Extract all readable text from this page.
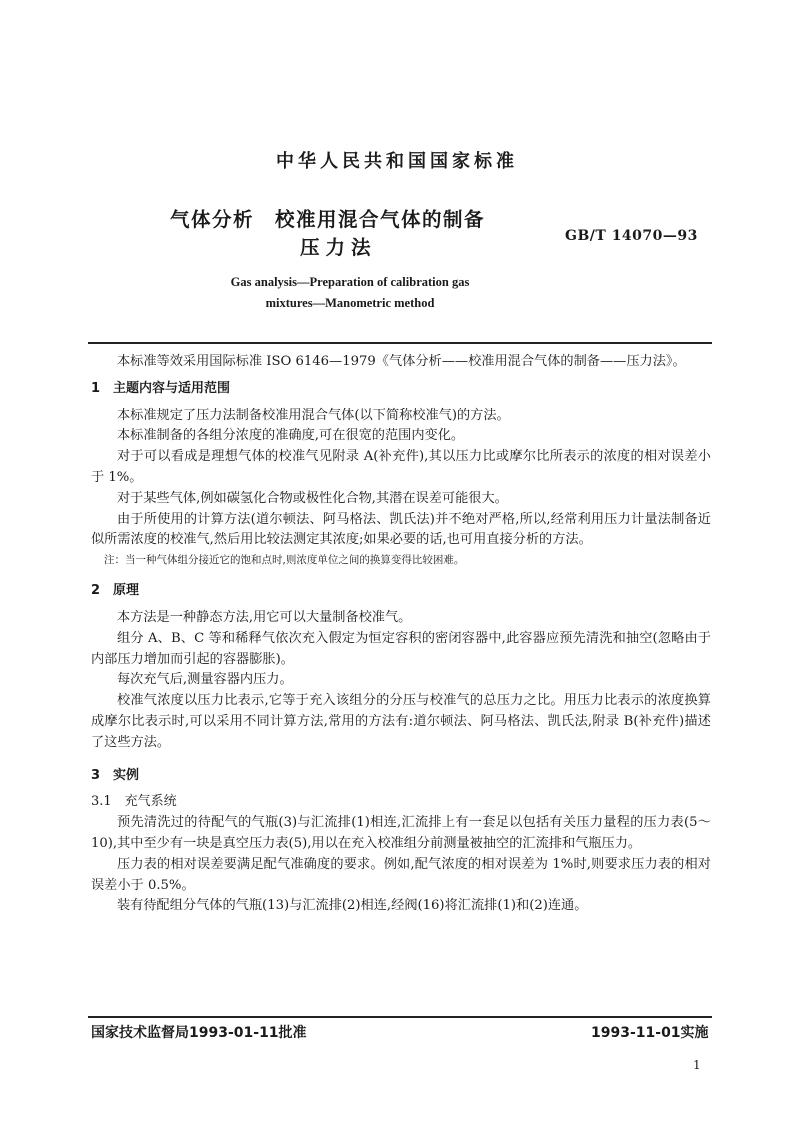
中华人民共和国国家标准
气体分析　校准用混合气体的制备
压力法	GB/T 14070—93
Gas analysis—Preparation of calibration gas
mixtures—Manometric method

本标准等效采用国际标准 ISO 6146—1979《气体分析——校准用混合气体的制备——压力法》。

1　主题内容与适用范围

本标准规定了压力法制备校准用混合气体(以下简称校准气)的方法。

本标准制备的各组分浓度的准确度,可在很宽的范围内变化。

对于可以看成是理想气体的校准气见附录 A(补充件),其以压力比或摩尔比所表示的浓度的相对误差小于 1%。

对于某些气体,例如碳氢化合物或极性化合物,其潜在误差可能很大。

由于所使用的计算方法(道尔顿法、阿马格法、凯氏法)并不绝对严格,所以,经常利用压力计量法制备近似所需浓度的校准气,然后用比较法测定其浓度;如果必要的话,也可用直接分析的方法。

注：当一种气体组分接近它的饱和点时,则浓度单位之间的换算变得比较困难。

2　原理

本方法是一种静态方法,用它可以大量制备校准气。

组分 A、B、C 等和稀释气依次充入假定为恒定容积的密闭容器中,此容器应预先清洗和抽空(忽略由于内部压力增加而引起的容器膨胀)。

每次充气后,测量容器内压力。

校准气浓度以压力比表示,它等于充入该组分的分压与校准气的总压力之比。用压力比表示的浓度换算成摩尔比表示时,可以采用不同计算方法,常用的方法有:道尔顿法、阿马格法、凯氏法,附录 B(补充件)描述了这些方法。

3　实例

3.1　充气系统

预先清洗过的待配气的气瓶(3)与汇流排(1)相连,汇流排上有一套足以包括有关压力量程的压力表(5～10),其中至少有一块是真空压力表(5),用以在充入校准组分前测量被抽空的汇流排和气瓶压力。

压力表的相对误差要满足配气准确度的要求。例如,配气浓度的相对误差为 1%时,则要求压力表的相对误差小于 0.5%。

装有待配组分气体的气瓶(13)与汇流排(2)相连,经阀(16)将汇流排(1)和(2)连通。

国家技术监督局1993-01-11批准	1993-11-01实施
1
